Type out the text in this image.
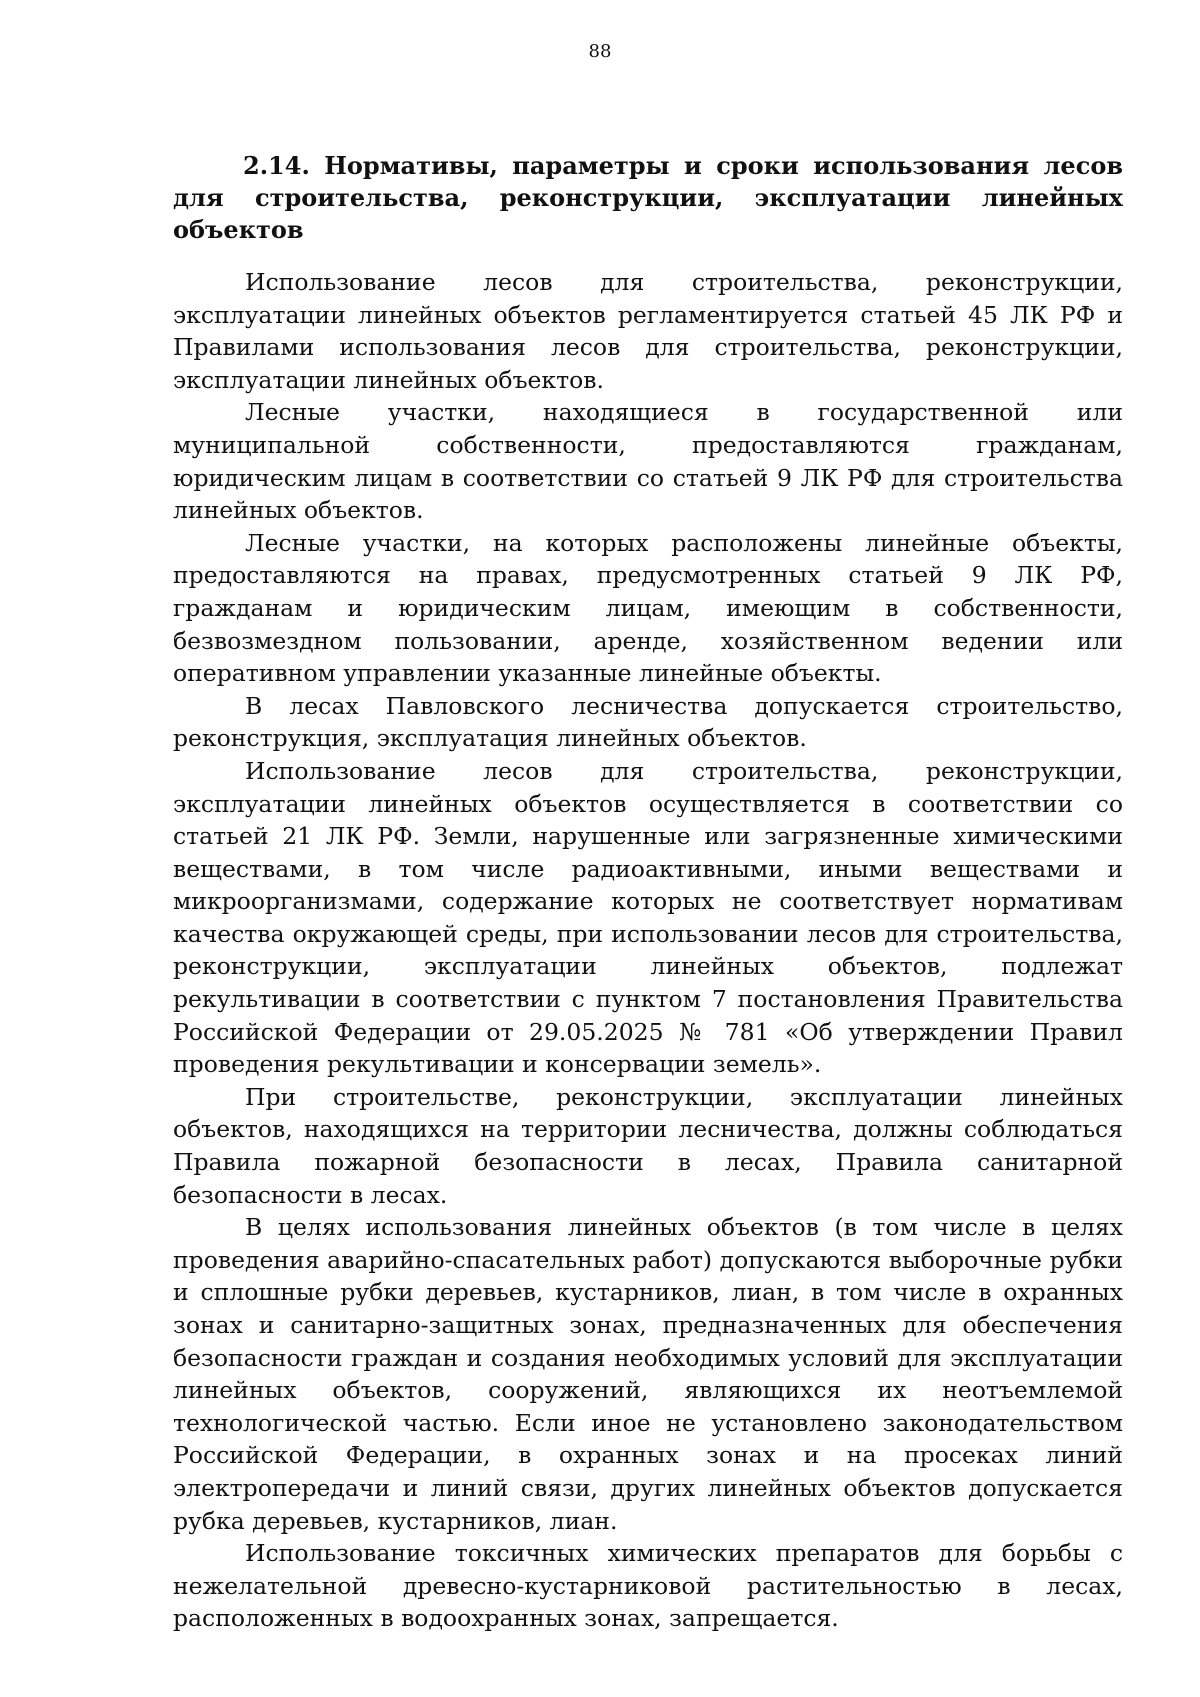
88
2.14. Нормативы, параметры и сроки использования лесов для строительства, реконструкции, эксплуатации линейных объектов

Использование лесов для строительства, реконструкции, эксплуатации линейных объектов регламентируется статьей 45 ЛК РФ и Правилами использования лесов для строительства, реконструкции, эксплуатации линейных объектов.

Лесные участки, находящиеся в государственной или муниципальной собственности, предоставляются гражданам, юридическим лицам в соответствии со статьей 9 ЛК РФ для строительства линейных объектов.

Лесные участки, на которых расположены линейные объекты, предоставляются на правах, предусмотренных статьей 9 ЛК РФ, гражданам и юридическим лицам, имеющим в собственности, безвозмездном пользовании, аренде, хозяйственном ведении или оперативном управлении указанные линейные объекты.

В лесах Павловского лесничества допускается строительство, реконструкция, эксплуатация линейных объектов.

Использование лесов для строительства, реконструкции, эксплуатации линейных объектов осуществляется в соответствии со статьей 21 ЛК РФ. Земли, нарушенные или загрязненные химическими веществами, в том числе радиоактивными, иными веществами и микроорганизмами, содержание которых не соответствует нормативам качества окружающей среды, при использовании лесов для строительства, реконструкции, эксплуатации линейных объектов, подлежат рекультивации в соответствии с пунктом 7 постановления Правительства Российской Федерации от 29.05.2025 № 781 «Об утверждении Правил проведения рекультивации и консервации земель».

При строительстве, реконструкции, эксплуатации линейных объектов, находящихся на территории лесничества, должны соблюдаться Правила пожарной безопасности в лесах, Правила санитарной безопасности в лесах.

В целях использования линейных объектов (в том числе в целях проведения аварийно-спасательных работ) допускаются выборочные рубки и сплошные рубки деревьев, кустарников, лиан, в том числе в охранных зонах и санитарно-защитных зонах, предназначенных для обеспечения безопасности граждан и создания необходимых условий для эксплуатации линейных объектов, сооружений, являющихся их неотъемлемой технологической частью. Если иное не установлено законодательством Российской Федерации, в охранных зонах и на просеках линий электропередачи и линий связи, других линейных объектов допускается рубка деревьев, кустарников, лиан.

Использование токсичных химических препаратов для борьбы с нежелательной древесно-кустарниковой растительностью в лесах, расположенных в водоохранных зонах, запрещается.
